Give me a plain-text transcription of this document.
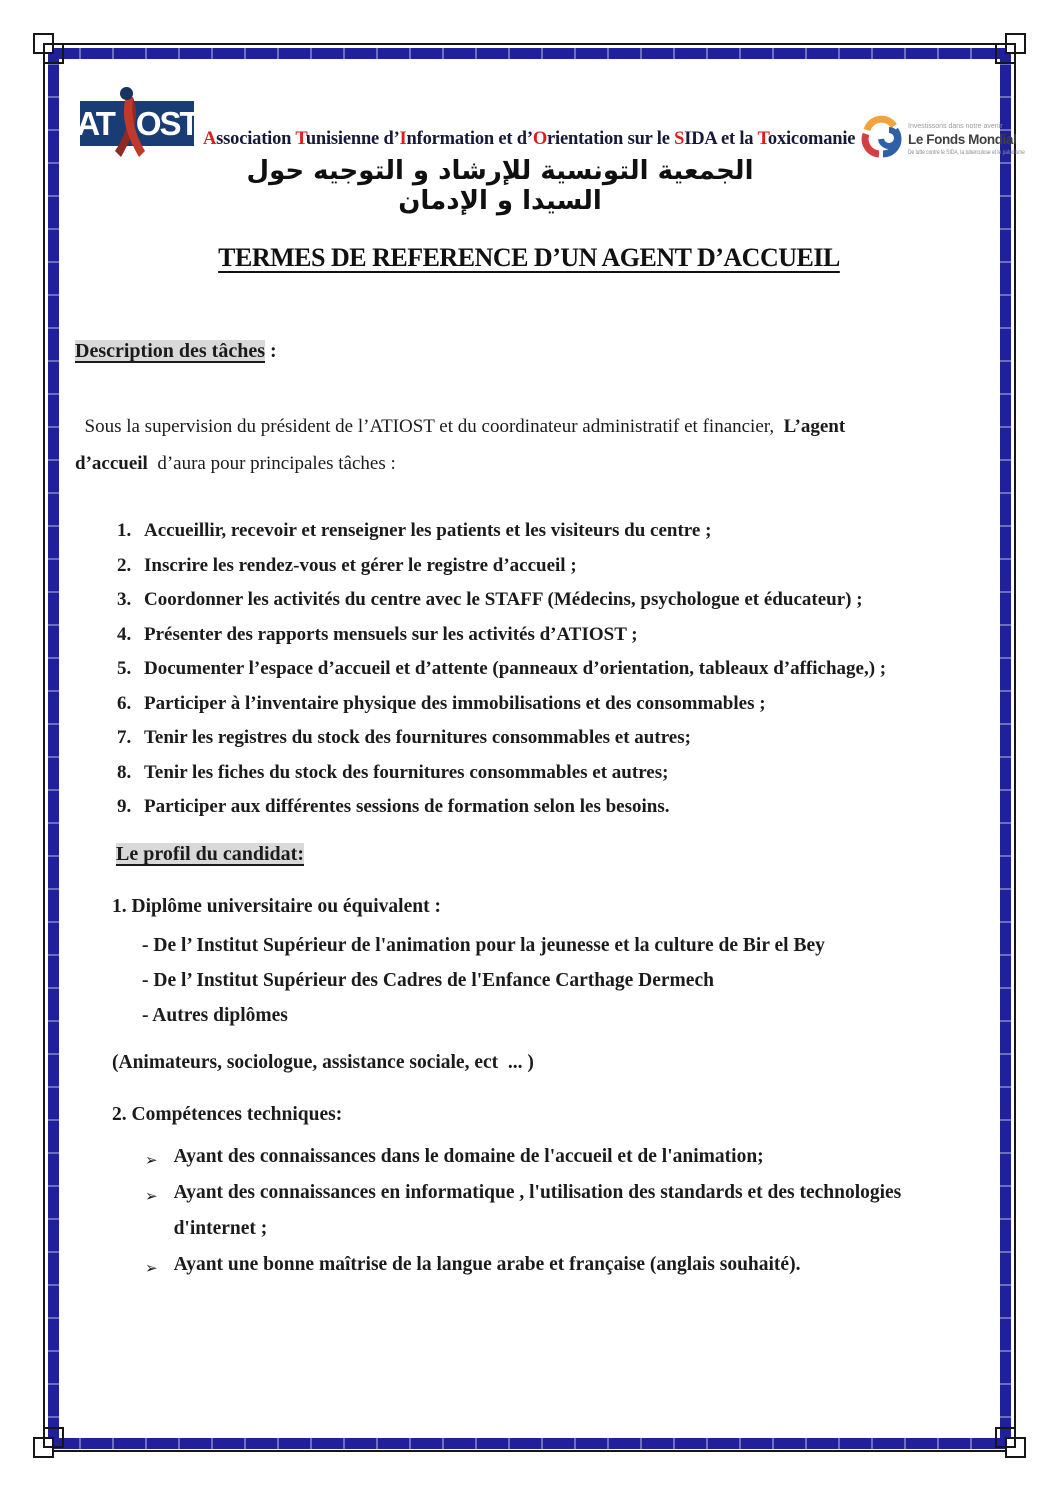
AT OST Association Tunisienne d’Information et d’Orientation sur le SIDA et la Toxicomanie
الجمعية التونسية للإرشاد و التوجيه حول السيدا و الإدمان
Investissons dans notre avenir
Le Fonds Mondial
De lutte contre le SIDA, la tuberculose et le paludisme
TERMES DE REFERENCE D’UN AGENT D’ACCUEIL
Description des tâches :
Sous la supervision du président de l’ATIOST et du coordinateur administratif et financier,  L’agent
d’accueil  d’aura pour principales tâches :
1. Accueillir, recevoir et renseigner les patients et les visiteurs du centre ;
2. Inscrire les rendez-vous et gérer le registre d’accueil ;
3. Coordonner les activités du centre avec le STAFF (Médecins, psychologue et éducateur) ;
4. Présenter des rapports mensuels sur les activités d’ATIOST ;
5. Documenter l’espace d’accueil et d’attente (panneaux d’orientation, tableaux d’affichage,) ;
6. Participer à l’inventaire physique des immobilisations et des consommables ;
7. Tenir les registres du stock des fournitures consommables et autres;
8. Tenir les fiches du stock des fournitures consommables et autres;
9. Participer aux différentes sessions de formation selon les besoins.
Le profil du candidat:
1. Diplôme universitaire ou équivalent :
- De l’ Institut Supérieur de l'animation pour la jeunesse et la culture de Bir el Bey
- De l’ Institut Supérieur des Cadres de l'Enfance Carthage Dermech
- Autres diplômes
(Animateurs, sociologue, assistance sociale, ect  ... )
2. Compétences techniques:
➢ Ayant des connaissances dans le domaine de l'accueil et de l'animation;
➢ Ayant des connaissances en informatique , l'utilisation des standards et des technologies
d'internet ;
➢ Ayant une bonne maîtrise de la langue arabe et française (anglais souhaité).
